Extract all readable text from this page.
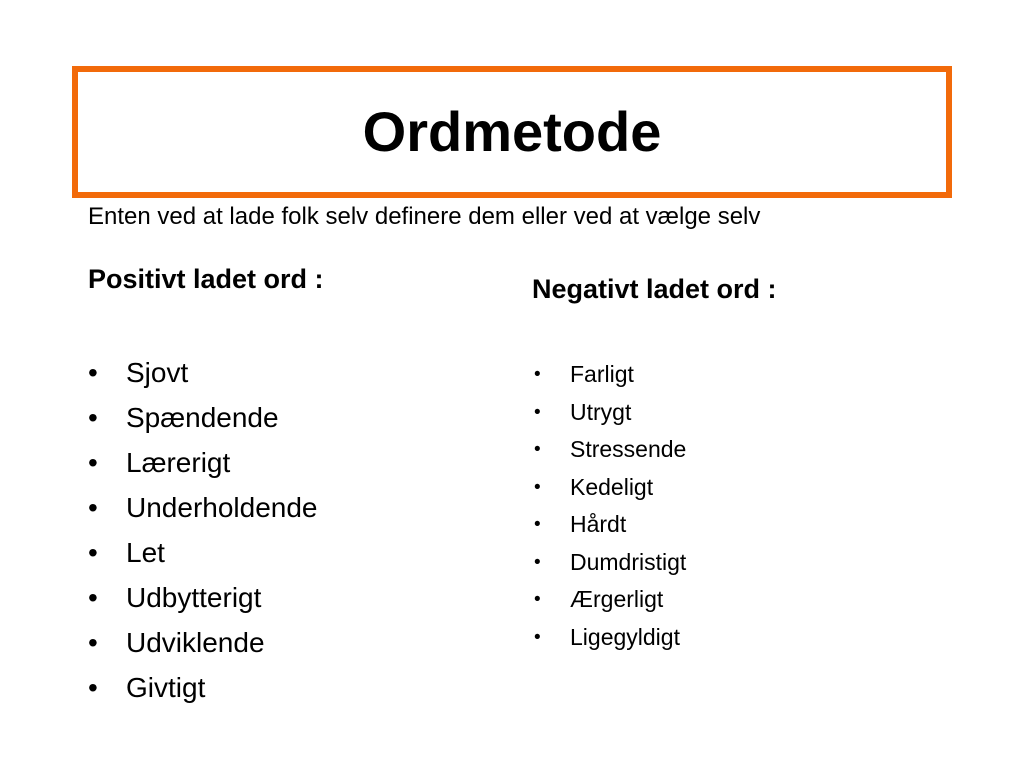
Ordmetode
Enten ved at lade folk selv definere dem eller ved at vælge selv
Positivt ladet ord :
• Sjovt
• Spændende
• Lærerigt
• Underholdende
• Let
• Udbytterigt
• Udviklende
• Givtigt
Negativt ladet ord :
• Farligt
• Utrygt
• Stressende
• Kedeligt
• Hårdt
• Dumdristigt
• Ærgerligt
• Ligegyldigt
